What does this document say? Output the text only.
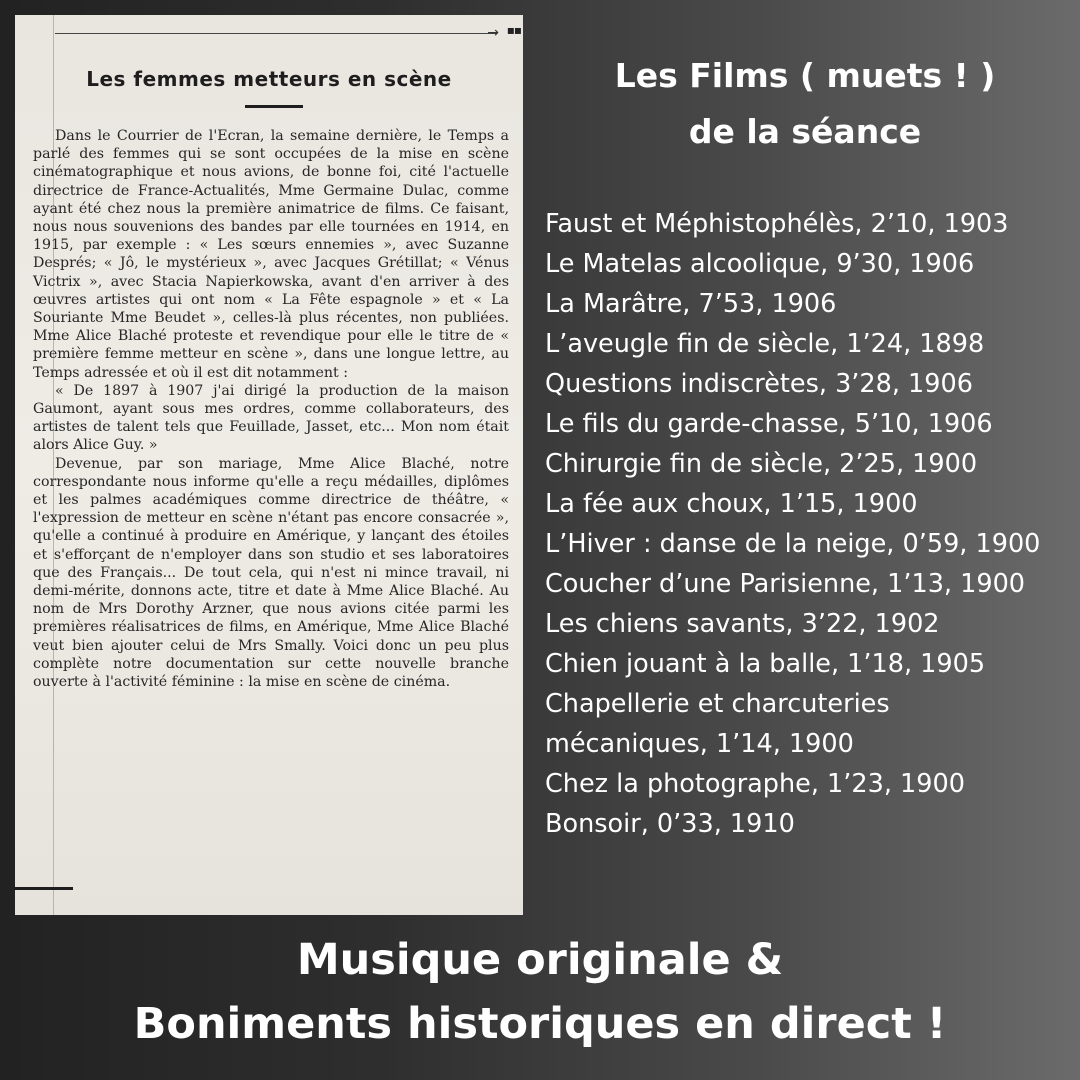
→ ▪▪
Les femmes metteurs en scène

Dans le Courrier de l'Ecran, la semaine dernière, le Temps a parlé des femmes qui se sont occupées de la mise en scène cinématographique et nous avions, de bonne foi, cité l'actuelle directrice de France-Actualités, Mme Germaine Dulac, comme ayant été chez nous la première animatrice de films. Ce faisant, nous nous souvenions des bandes par elle tournées en 1914, en 1915, par exemple : « Les sœurs ennemies », avec Suzanne Després; « Jô, le mystérieux », avec Jacques Grétillat; « Vénus Victrix », avec Stacia Napierkowska, avant d'en arriver à des œuvres artistes qui ont nom « La Fête espagnole » et « La Souriante Mme Beudet », celles-là plus récentes, non publiées. Mme Alice Blaché proteste et revendique pour elle le titre de « première femme metteur en scène », dans une longue lettre, au Temps adressée et où il est dit notamment :

« De 1897 à 1907 j'ai dirigé la production de la maison Gaumont, ayant sous mes ordres, comme collaborateurs, des artistes de talent tels que Feuillade, Jasset, etc... Mon nom était alors Alice Guy. »

Devenue, par son mariage, Mme Alice Blaché, notre correspondante nous informe qu'elle a reçu médailles, diplômes et les palmes académiques comme directrice de théâtre, « l'expression de metteur en scène n'étant pas encore consacrée », qu'elle a continué à produire en Amérique, y lançant des étoiles et s'efforçant de n'employer dans son studio et ses laboratoires que des Français... De tout cela, qui n'est ni mince travail, ni demi-mérite, donnons acte, titre et date à Mme Alice Blaché. Au nom de Mrs Dorothy Arzner, que nous avions citée parmi les premières réalisatrices de films, en Amérique, Mme Alice Blaché veut bien ajouter celui de Mrs Smally. Voici donc un peu plus complète notre documentation sur cette nouvelle branche ouverte à l'activité féminine : la mise en scène de cinéma.

Les Films ( muets ! )
de la séance
Faust et Méphistophélès, 2’10, 1903
Le Matelas alcoolique, 9’30, 1906
La Marâtre, 7’53, 1906
L’aveugle fin de siècle, 1’24, 1898
Questions indiscrètes, 3’28, 1906
Le fils du garde-chasse, 5’10, 1906
Chirurgie fin de siècle, 2’25, 1900
La fée aux choux, 1’15, 1900
L’Hiver : danse de la neige, 0’59, 1900
Coucher d’une Parisienne, 1’13, 1900
Les chiens savants, 3’22, 1902
Chien jouant à la balle, 1’18, 1905
Chapellerie et charcuteries mécaniques, 1’14, 1900
Chez la photographe, 1’23, 1900
Bonsoir, 0’33, 1910
Musique originale &
Boniments historiques en direct !
